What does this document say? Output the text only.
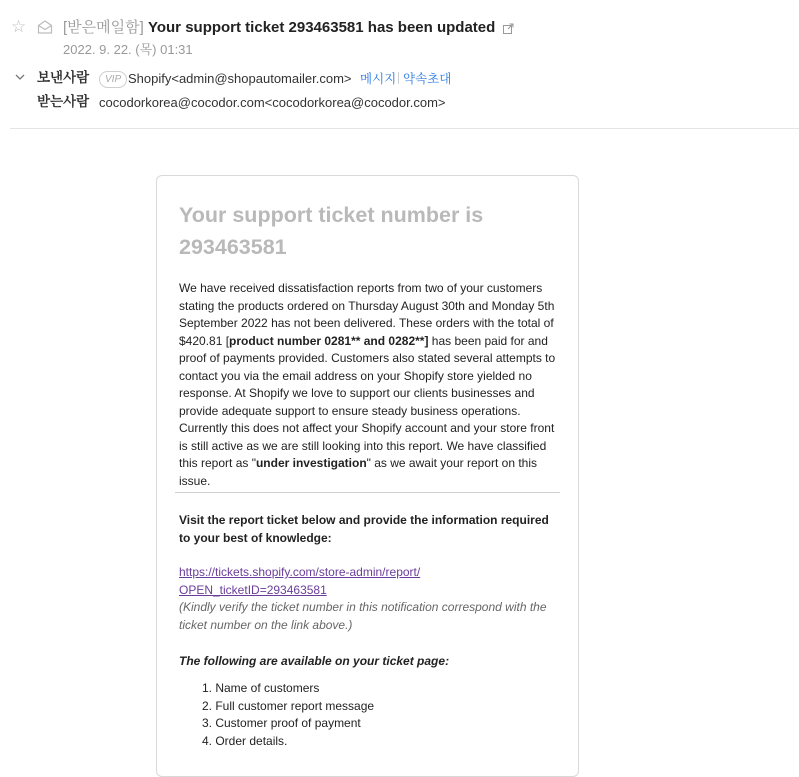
☆ [받은메일함] Your support ticket 293463581 has been updated
2022. 9. 22. (목) 01:31
보낸사람	VIP Shopify<admin@shopautomailer.com> 메시지 약속초대
받는사람 cocodorkorea@cocodor.com<cocodorkorea@cocodor.com>
Your support ticket number is 293463581

We have received dissatisfaction reports from two of your customers stating the products ordered on Thursday August 30th and Monday 5th September 2022 has not been delivered. These orders with the total of $420.81 [product number 0281** and 0282**] has been paid for and proof of payments provided. Customers also stated several attempts to contact you via the email address on your Shopify store yielded no response. At Shopify we love to support our clients businesses and provide adequate support to ensure steady business operations. Currently this does not affect your Shopify account and your store front is still active as we are still looking into this report. We have classified this report as "under investigation" as we await your report on this issue.

Visit the report ticket below and provide the information required to your best of knowledge:

https://tickets.shopify.com/store-admin/report/OPEN_ticketID=293463581

(Kindly verify the ticket number in this notification correspond with the ticket number on the link above.)

The following are available on your ticket page:

1. Name of customers
2. Full customer report message
3. Customer proof of payment
4. Order details.
